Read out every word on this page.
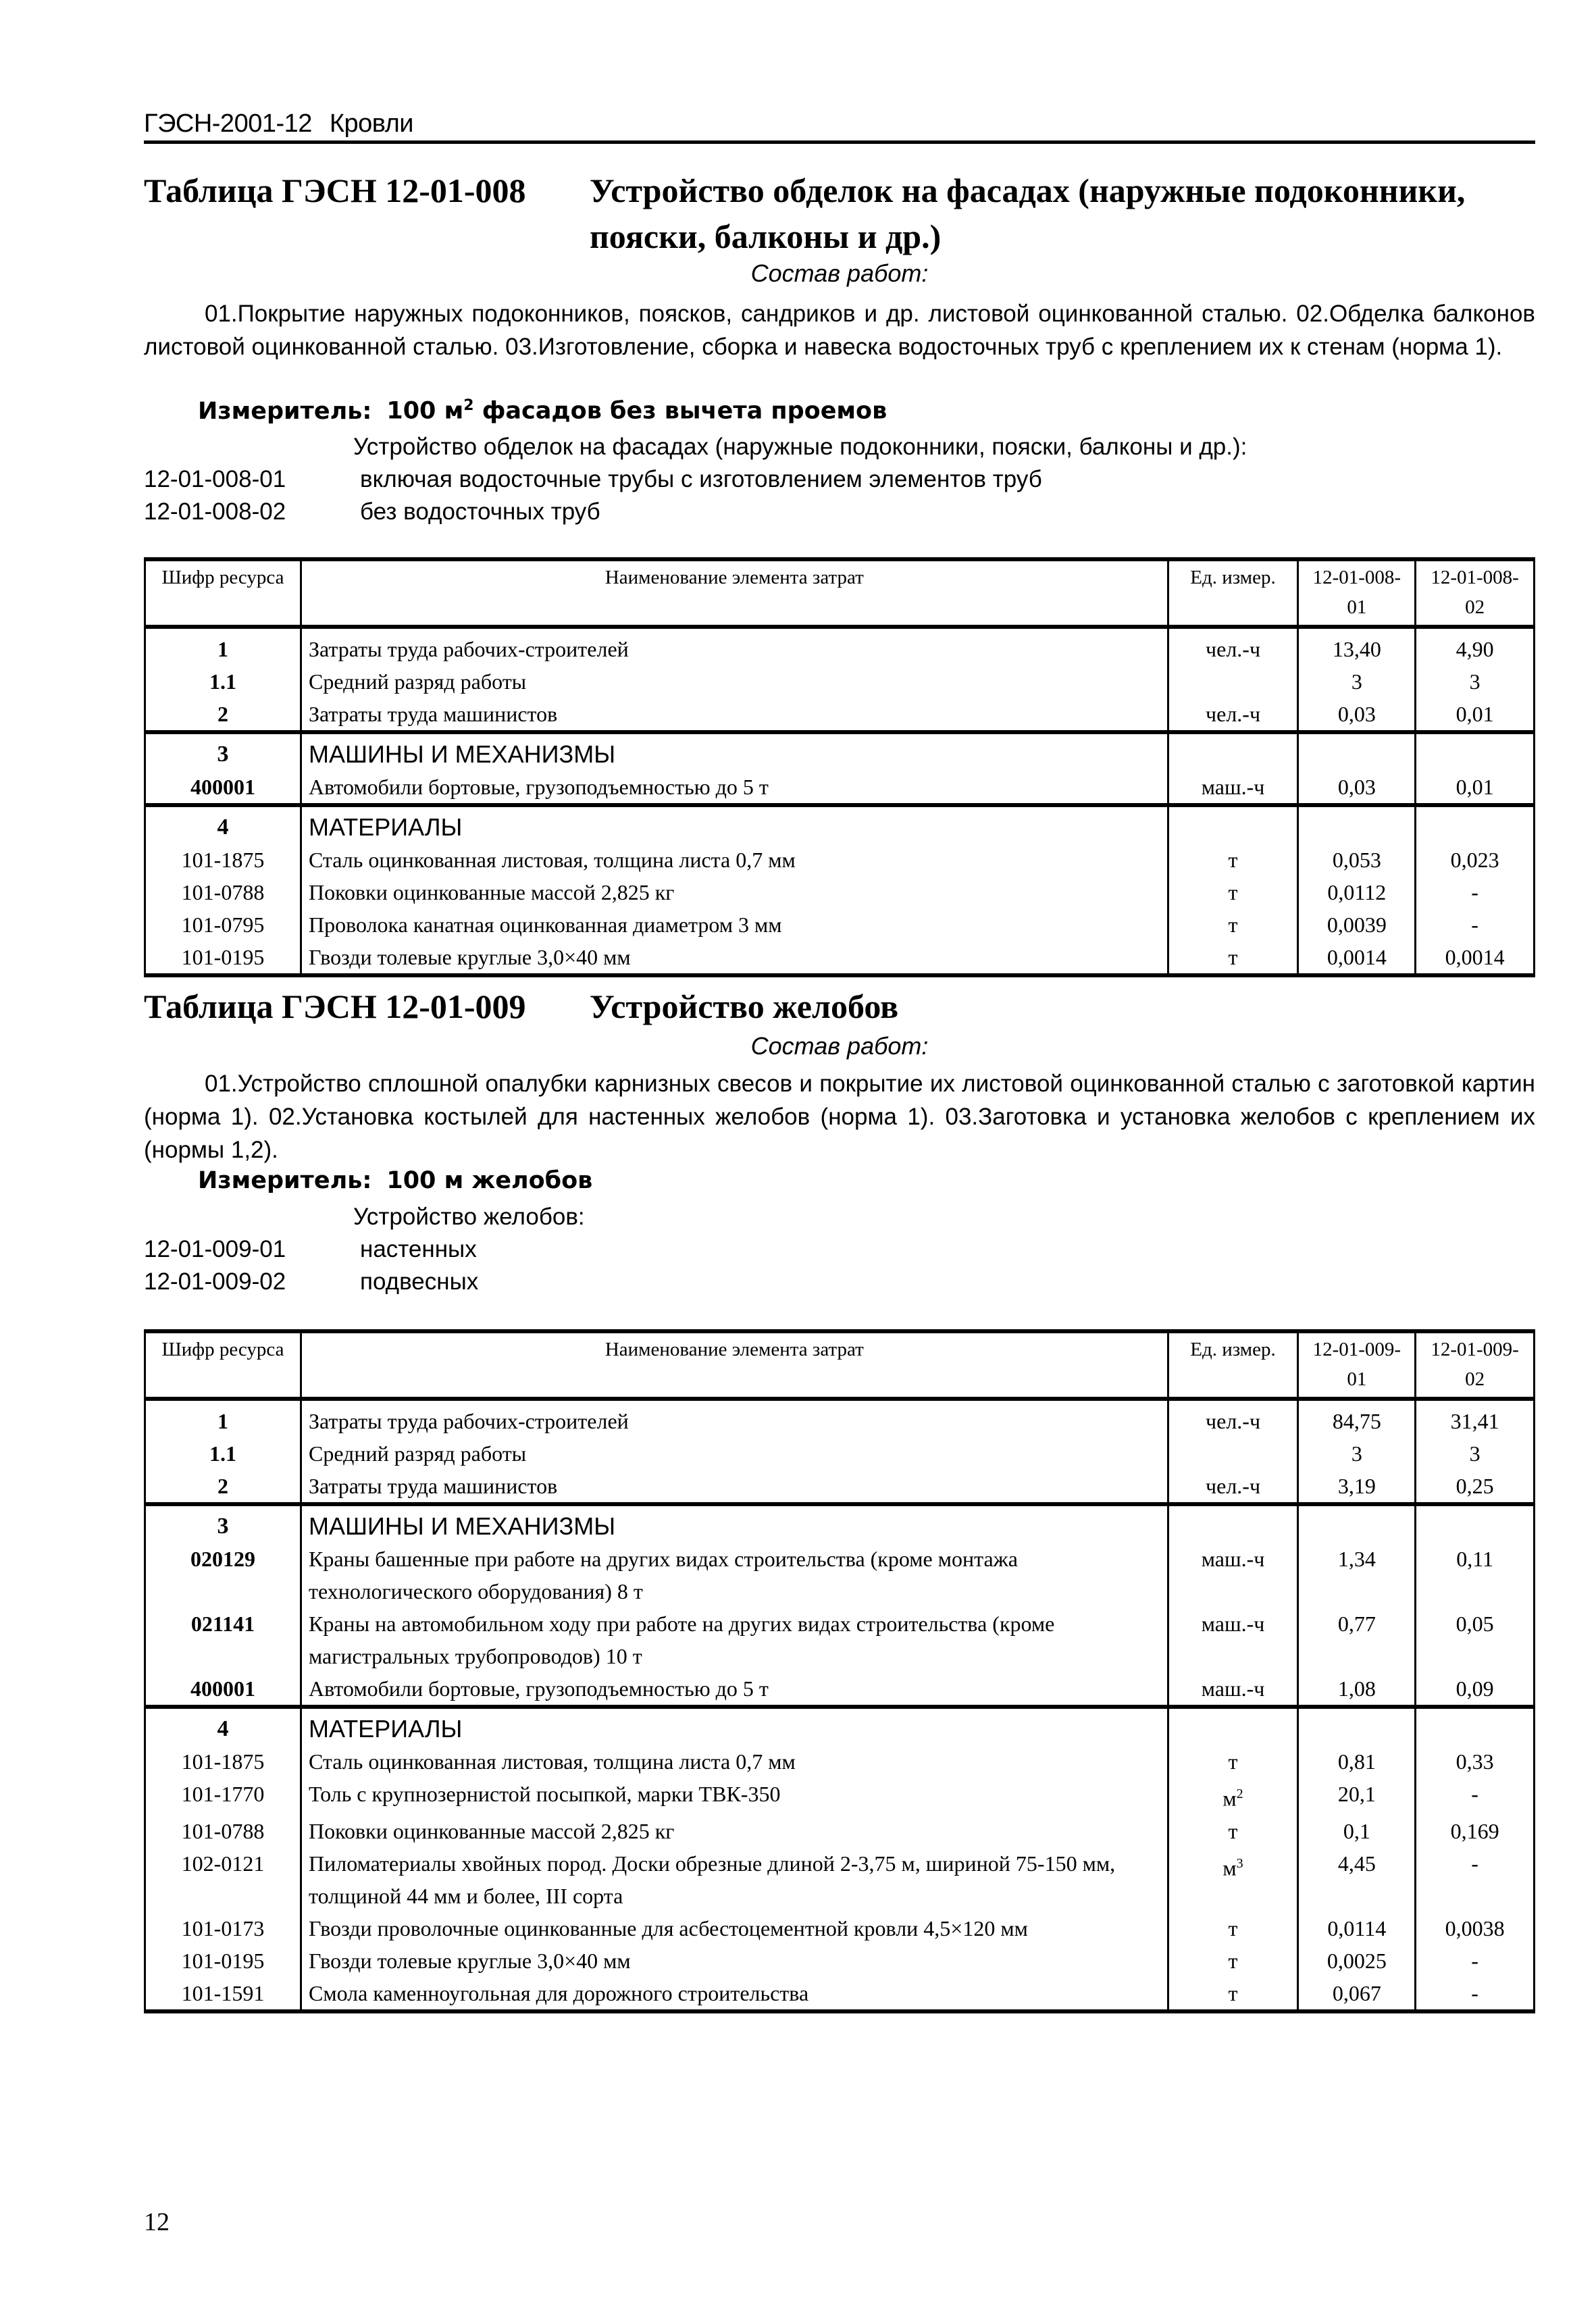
ГЭСН-2001-12 Кровли
Таблица ГЭСН 12-01-008	Устройство обделок на фасадах (наружные подоконники, пояски, балконы и др.)
Состав работ:
01.Покрытие наружных подоконников, поясков, сандриков и др. листовой оцинкованной сталью. 02.Обделка балконов листовой оцинкованной сталью. 03.Изготовление, сборка и навеска водосточных труб с креплением их к стенам (норма 1).
Измеритель: 100 $м^2$ фасадов без вычета проемов
Устройство обделок на фасадах (наружные подоконники, пояски, балконы и др.):
12-01-008-01	включая водосточные трубы с изготовлением элементов труб
12-01-008-02	без водосточных труб
Шифр ресурса	Наименование элемента затрат	Ед. измер.	12-01-008-01	12-01-008-02
1	Затраты труда рабочих-строителей	чел.-ч	13,40	4,90
1.1	Средний разряд работы		3	3
2	Затраты труда машинистов	чел.-ч	0,03	0,01
3	МАШИНЫ И МЕХАНИЗМЫ			
400001	Автомобили бортовые, грузоподъемностью до 5 т	маш.-ч	0,03	0,01
4	МАТЕРИАЛЫ			
101-1875	Сталь оцинкованная листовая, толщина листа 0,7 мм	т	0,053	0,023
101-0788	Поковки оцинкованные массой 2,825 кг	т	0,0112	-
101-0795	Проволока канатная оцинкованная диаметром 3 мм	т	0,0039	-
101-0195	Гвозди толевые круглые 3,0×40 мм	т	0,0014	0,0014
Таблица ГЭСН 12-01-009	Устройство желобов
Состав работ:
01.Устройство сплошной опалубки карнизных свесов и покрытие их листовой оцинкованной сталью с заготовкой картин (норма 1). 02.Установка костылей для настенных желобов (норма 1). 03.Заготовка и установка желобов с креплением их (нормы 1,2).
Измеритель: 100 м желобов
Устройство желобов:
12-01-009-01	настенных
12-01-009-02	подвесных
Шифр ресурса	Наименование элемента затрат	Ед. измер.	12-01-009-01	12-01-009-02
1	Затраты труда рабочих-строителей	чел.-ч	84,75	31,41
1.1	Средний разряд работы		3	3
2	Затраты труда машинистов	чел.-ч	3,19	0,25
3	МАШИНЫ И МЕХАНИЗМЫ			
020129	Краны башенные при работе на других видах строительства (кроме монтажа технологического оборудования) 8 т	маш.-ч	1,34	0,11
021141	Краны на автомобильном ходу при работе на других видах строительства (кроме магистральных трубопроводов) 10 т	маш.-ч	0,77	0,05
400001	Автомобили бортовые, грузоподъемностью до 5 т	маш.-ч	1,08	0,09
4	МАТЕРИАЛЫ			
101-1875	Сталь оцинкованная листовая, толщина листа 0,7 мм	т	0,81	0,33
101-1770	Толь с крупнозернистой посыпкой, марки ТВК-350	$м^2$	20,1	-
101-0788	Поковки оцинкованные массой 2,825 кг	т	0,1	0,169
102-0121	Пиломатериалы хвойных пород. Доски обрезные длиной 2-3,75 м, шириной 75-150 мм, толщиной 44 мм и более, III сорта	$м^3$	4,45	-
101-0173	Гвозди проволочные оцинкованные для асбестоцементной кровли 4,5×120 мм	т	0,0114	0,0038
101-0195	Гвозди толевые круглые 3,0×40 мм	т	0,0025	-
101-1591	Смола каменноугольная для дорожного строительства	т	0,067	-
12
